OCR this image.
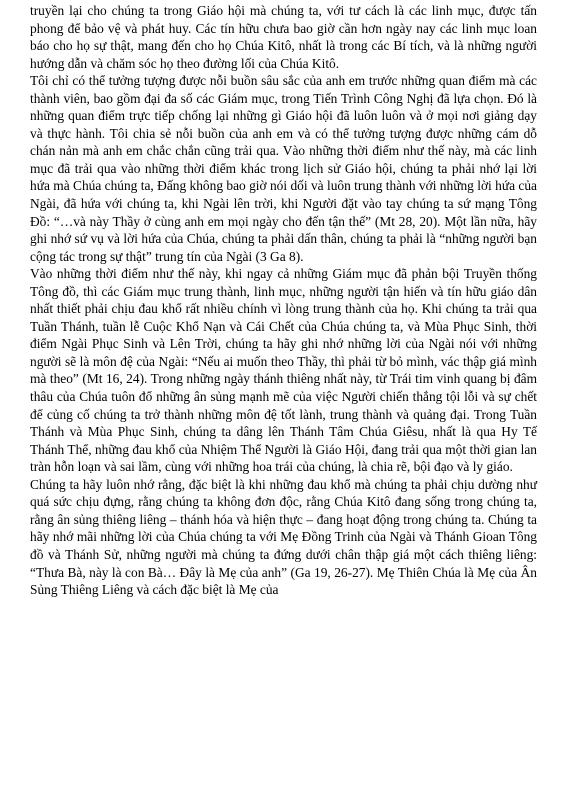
truyền lại cho chúng ta trong Giáo hội mà chúng ta, với tư cách là các linh mục, được tấn phong để bảo vệ và phát huy. Các tín hữu chưa bao giờ cần hơn ngày nay các linh mục loan báo cho họ sự thật, mang đến cho họ Chúa Kitô, nhất là trong các Bí tích, và là những người hướng dẫn và chăm sóc họ theo đường lối của Chúa Kitô.

Tôi chỉ có thể tưởng tượng được nỗi buồn sâu sắc của anh em trước những quan điểm mà các thành viên, bao gồm đại đa số các Giám mục, trong Tiến Trình Công Nghị đã lựa chọn. Đó là những quan điểm trực tiếp chống lại những gì Giáo hội đã luôn luôn và ở mọi nơi giảng dạy và thực hành. Tôi chia sẻ nỗi buồn của anh em và có thể tưởng tượng được những cám dỗ chán nản mà anh em chắc chắn cũng trải qua. Vào những thời điểm như thế này, mà các linh mục đã trải qua vào những thời điểm khác trong lịch sử Giáo hội, chúng ta phải nhớ lại lời hứa mà Chúa chúng ta, Đấng không bao giờ nói dối và luôn trung thành với những lời hứa của Ngài, đã hứa với chúng ta, khi Ngài lên trời, khi Người đặt vào tay chúng ta sứ mạng Tông Đồ: “…và này Thầy ở cùng anh em mọi ngày cho đến tận thế” (Mt 28, 20). Một lần nữa, hãy ghi nhớ sứ vụ và lời hứa của Chúa, chúng ta phải dấn thân, chúng ta phải là “những người bạn cộng tác trong sự thật” trung tín của Ngài (3 Ga 8).

Vào những thời điểm như thế này, khi ngay cả những Giám mục đã phản bội Truyền thống Tông đồ, thì các Giám mục trung thành, linh mục, những người tận hiến và tín hữu giáo dân nhất thiết phải chịu đau khổ rất nhiều chính vì lòng trung thành của họ. Khi chúng ta trải qua Tuần Thánh, tuần lễ Cuộc Khổ Nạn và Cái Chết của Chúa chúng ta, và Mùa Phục Sinh, thời điểm Ngài Phục Sinh và Lên Trời, chúng ta hãy ghi nhớ những lời của Ngài nói với những người sẽ là môn đệ của Ngài: “Nếu ai muốn theo Thầy, thì phải từ bỏ mình, vác thập giá mình mà theo” (Mt 16, 24). Trong những ngày thánh thiêng nhất này, từ Trái tim vinh quang bị đâm thâu của Chúa tuôn đổ những ân sủng mạnh mẽ của việc Người chiến thắng tội lỗi và sự chết để củng cố chúng ta trở thành những môn đệ tốt lành, trung thành và quảng đại. Trong Tuần Thánh và Mùa Phục Sinh, chúng ta dâng lên Thánh Tâm Chúa Giêsu, nhất là qua Hy Tế Thánh Thể, những đau khổ của Nhiệm Thể Người là Giáo Hội, đang trải qua một thời gian lan tràn hỗn loạn và sai lầm, cùng với những hoa trái của chúng, là chia rẽ, bội đạo và ly giáo.

Chúng ta hãy luôn nhớ rằng, đặc biệt là khi những đau khổ mà chúng ta phải chịu dường như quá sức chịu đựng, rằng chúng ta không đơn độc, rằng Chúa Kitô đang sống trong chúng ta, rằng ân sủng thiêng liêng – thánh hóa và hiện thực – đang hoạt động trong chúng ta. Chúng ta hãy nhớ mãi những lời của Chúa chúng ta với Mẹ Đồng Trinh của Ngài và Thánh Gioan Tông đồ và Thánh Sử, những người mà chúng ta đứng dưới chân thập giá một cách thiêng liêng: “Thưa Bà, này là con Bà… Đây là Mẹ của anh” (Ga 19, 26-27). Mẹ Thiên Chúa là Mẹ của Ân Sủng Thiêng Liêng và cách đặc biệt là Mẹ của
